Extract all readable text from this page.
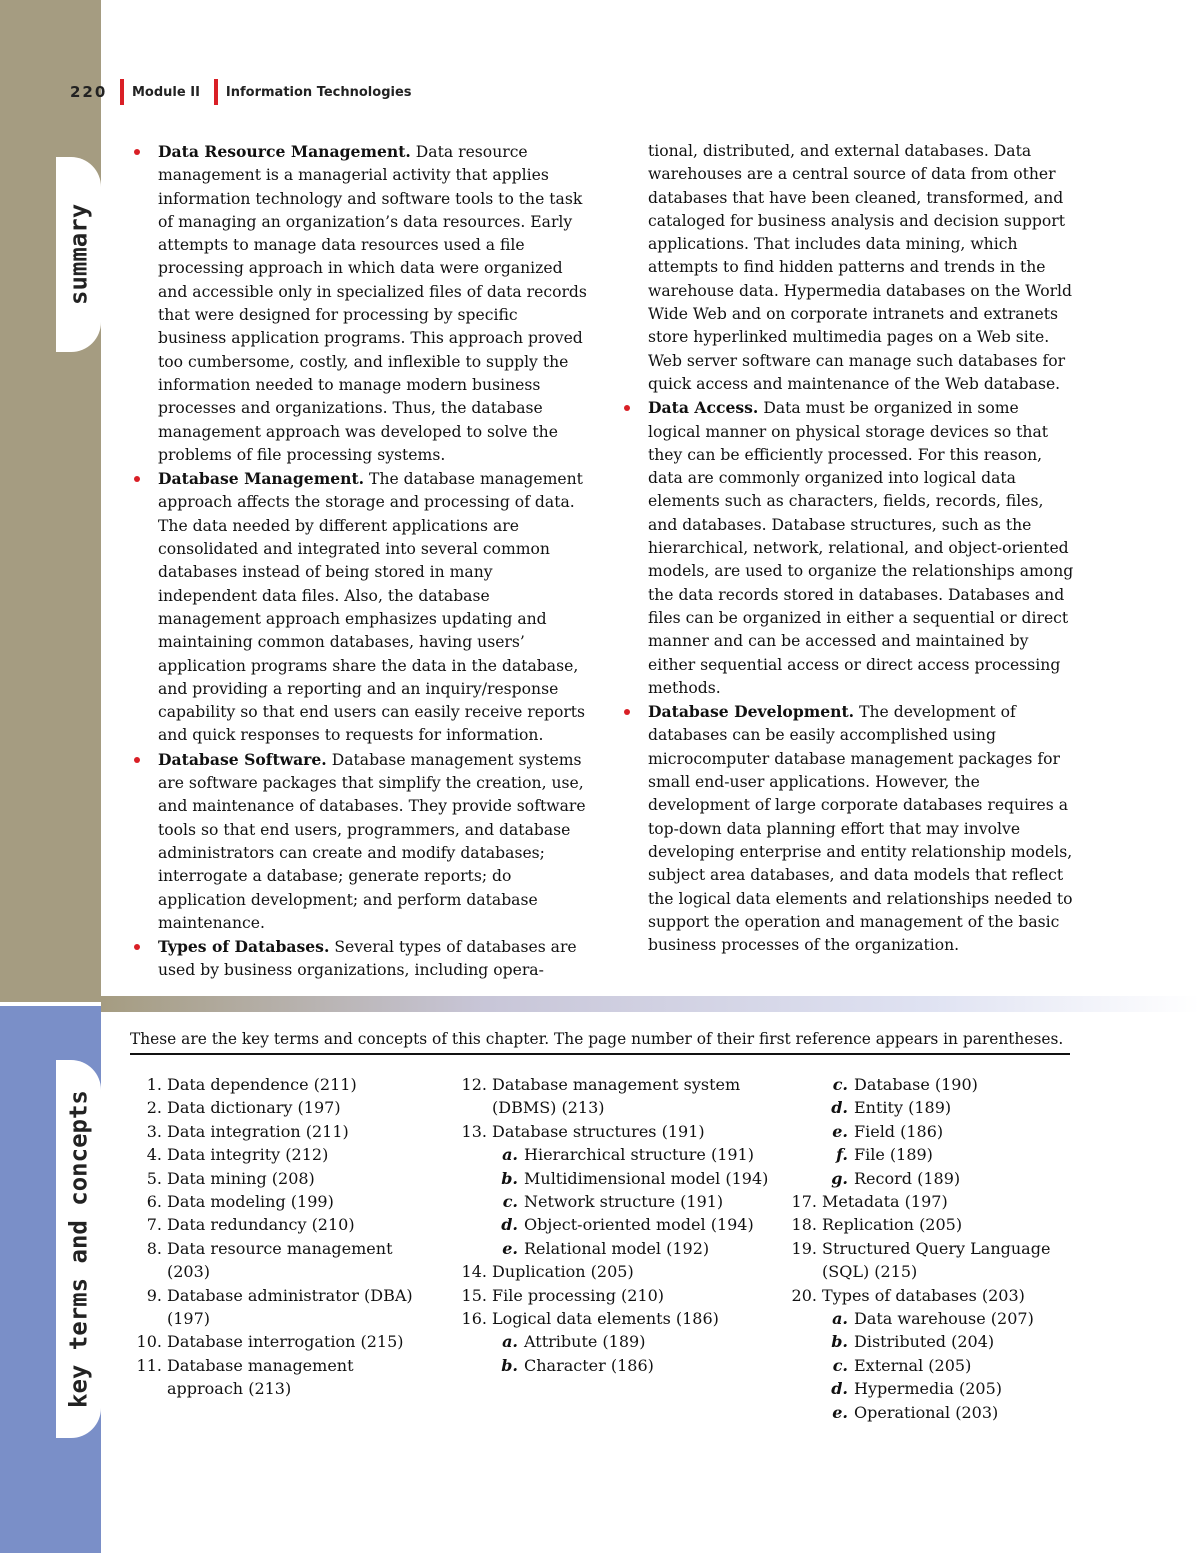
summary
key terms and concepts
220	Module II Information Technologies
Data Resource Management. Data resource management is a managerial activity that applies information technology and software tools to the task of managing an organization’s data resources. Early attempts to manage data resources used a file processing approach in which data were organized and accessible only in specialized files of data records that were designed for processing by specific business application programs. This approach proved too cumbersome, costly, and inflexible to supply the information needed to manage modern business processes and organizations. Thus, the database management approach was developed to solve the problems of file processing systems.
Database Management. The database management approach affects the storage and processing of data. The data needed by different applications are consolidated and integrated into several common databases instead of being stored in many independent data files. Also, the database management approach emphasizes updating and maintaining common databases, having users’ application programs share the data in the database, and providing a reporting and an inquiry/response capability so that end users can easily receive reports and quick responses to requests for information.
Database Software. Database management systems are software packages that simplify the creation, use, and maintenance of databases. They provide software tools so that end users, programmers, and database administrators can create and modify databases; interrogate a database; generate reports; do application development; and perform database maintenance.
Types of Databases. Several types of databases are used by business organizations, including opera-
tional, distributed, and external databases. Data warehouses are a central source of data from other databases that have been cleaned, transformed, and cataloged for business analysis and decision support applications. That includes data mining, which attempts to find hidden patterns and trends in the warehouse data. Hypermedia databases on the World Wide Web and on corporate intranets and extranets store hyperlinked multimedia pages on a Web site. Web server software can manage such databases for quick access and maintenance of the Web database.
Data Access. Data must be organized in some logical manner on physical storage devices so that they can be efficiently processed. For this reason, data are commonly organized into logical data elements such as characters, fields, records, files, and databases. Database structures, such as the hierarchical, network, relational, and object-oriented models, are used to organize the relationships among the data records stored in databases. Databases and files can be organized in either a sequential or direct manner and can be accessed and maintained by either sequential access or direct access processing methods.
Database Development. The development of databases can be easily accomplished using microcomputer database management packages for small end-user applications. However, the development of large corporate databases requires a top-down data planning effort that may involve developing enterprise and entity relationship models, subject area databases, and data models that reflect the logical data elements and relationships needed to support the operation and management of the basic business processes of the organization.
These are the key terms and concepts of this chapter. The page number of their first reference appears in parentheses.
1. Data dependence (211)
2. Data dictionary (197)
3. Data integration (211)
4. Data integrity (212)
5. Data mining (208)
6. Data modeling (199)
7. Data redundancy (210)
8. Data resource management (203)
9. Database administrator (DBA) (197)
10. Database interrogation (215)
11. Database management approach (213)
12. Database management system (DBMS) (213)
13. Database structures (191)
a. Hierarchical structure (191)
b. Multidimensional model (194)
c. Network structure (191)
d. Object-oriented model (194)
e. Relational model (192)
14. Duplication (205)
15. File processing (210)
16. Logical data elements (186)
a. Attribute (189)
b. Character (186)
c. Database (190)
d. Entity (189)
e. Field (186)
f. File (189)
g. Record (189)
17. Metadata (197)
18. Replication (205)
19. Structured Query Language (SQL) (215)
20. Types of databases (203)
a. Data warehouse (207)
b. Distributed (204)
c. External (205)
d. Hypermedia (205)
e. Operational (203)
